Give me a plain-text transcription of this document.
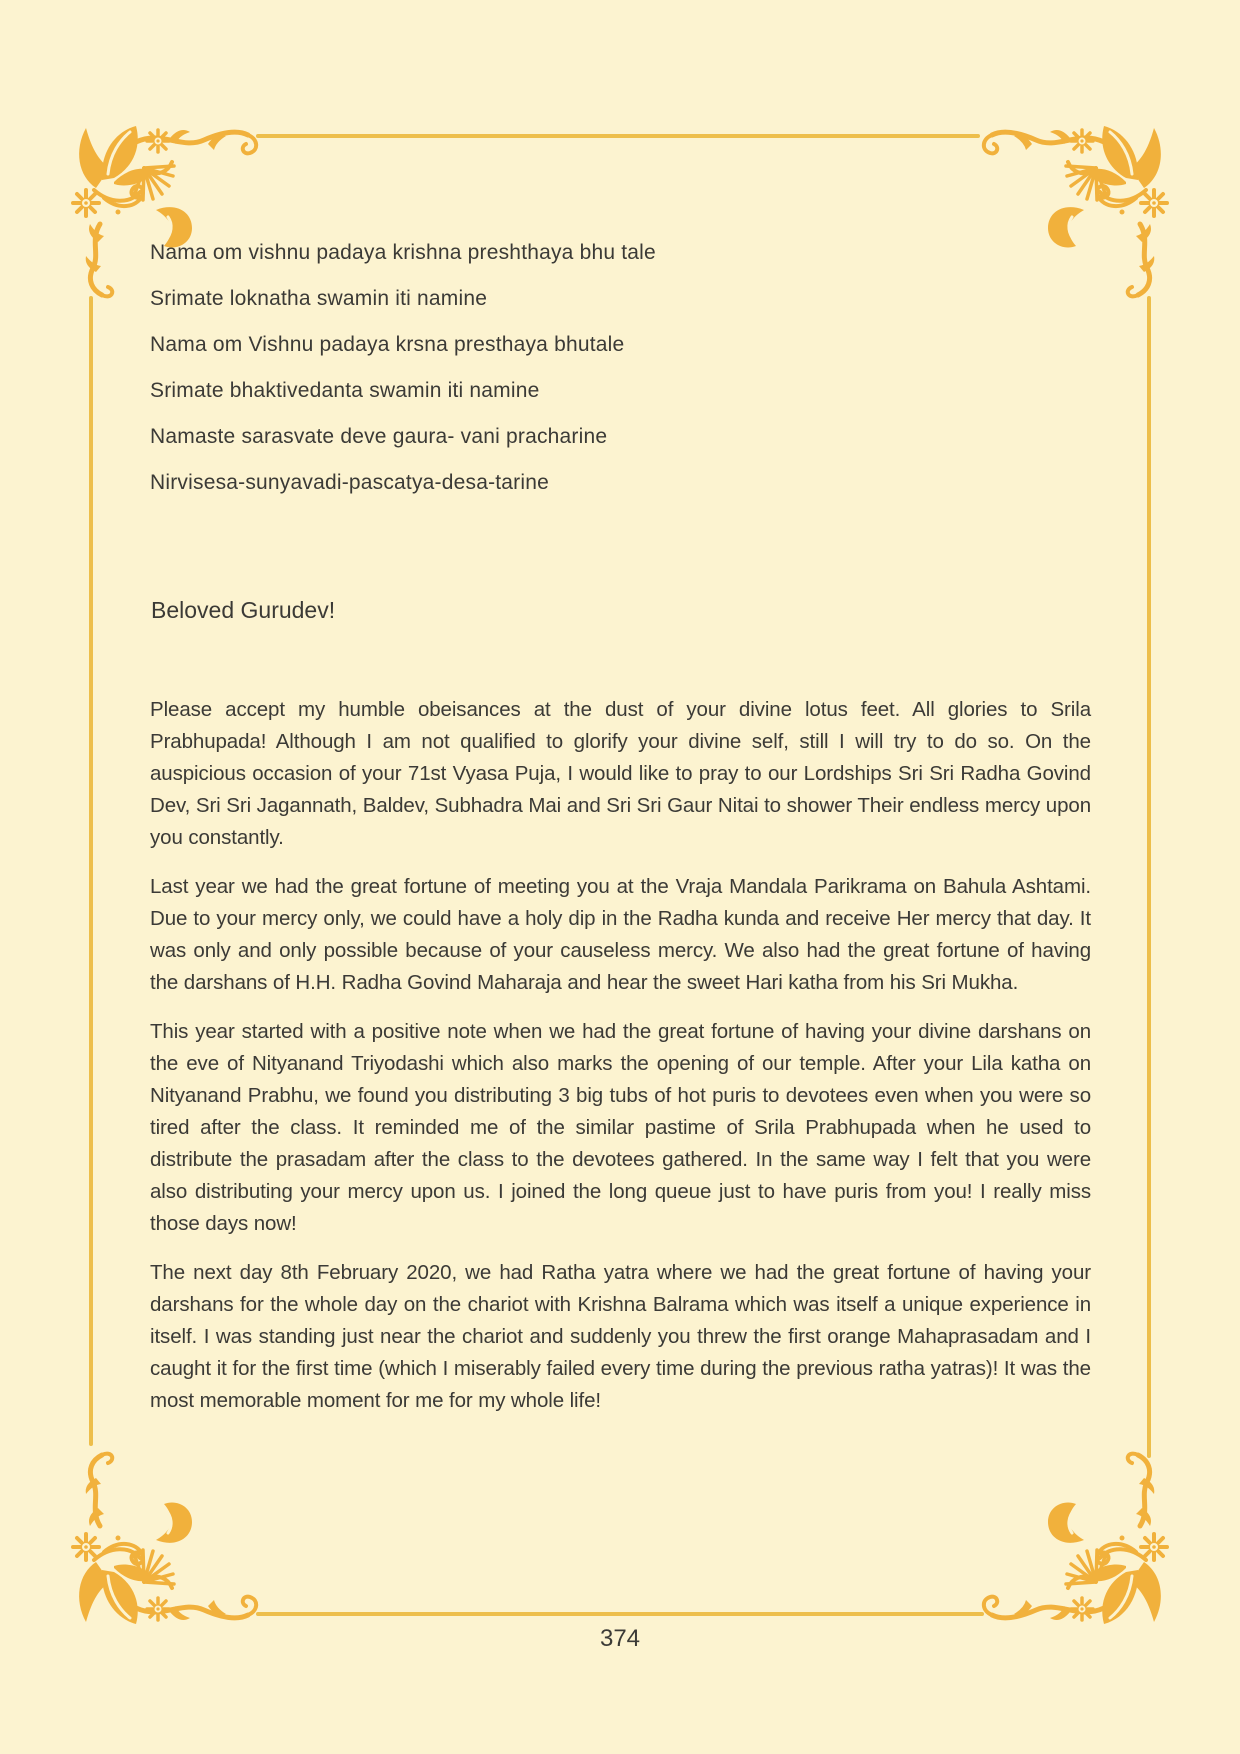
Nama om vishnu padaya krishna preshthaya bhu tale

Srimate loknatha swamin iti namine

Nama om Vishnu padaya krsna presthaya bhutale

Srimate bhaktivedanta swamin iti namine

Namaste sarasvate deve gaura- vani pracharine

Nirvisesa-sunyavadi-pascatya-desa-tarine

Beloved Gurudev!

Please accept my humble obeisances at the dust of your divine lotus feet. All glories to Srila Prabhupada! Although I am not qualified to glorify your divine self, still I will try to do so. On the auspicious occasion of your 71st Vyasa Puja, I would like to pray to our Lordships Sri Sri Radha Govind Dev, Sri Sri Jagannath, Baldev, Subhadra Mai and Sri Sri Gaur Nitai to shower Their endless mercy upon you constantly.

Last year we had the great fortune of meeting you at the Vraja Mandala Parikrama on Bahula Ashtami. Due to your mercy only, we could have a holy dip in the Radha kunda and receive Her mercy that day. It was only and only possible because of your causeless mercy. We also had the great fortune of having the darshans of H.H. Radha Govind Maharaja and hear the sweet Hari katha from his Sri Mukha.

This year started with a positive note when we had the great fortune of having your divine darshans on the eve of Nityanand Triyodashi which also marks the opening of our temple. After your Lila katha on Nityanand Prabhu, we found you distributing 3 big tubs of hot puris to devotees even when you were so tired after the class. It reminded me of the similar pastime of Srila Prabhupada when he used to distribute the prasadam after the class to the devotees gathered. In the same way I felt that you were also distributing your mercy upon us. I joined the long queue just to have puris from you! I really miss those days now!

The next day 8th February 2020, we had Ratha yatra where we had the great fortune of having your darshans for the whole day on the chariot with Krishna Balrama which was itself a unique experience in itself. I was standing just near the chariot and suddenly you threw the first orange Mahaprasadam and I caught it for the first time (which I miserably failed every time during the previous ratha yatras)! It was the most memorable moment for me for my whole life!

374
